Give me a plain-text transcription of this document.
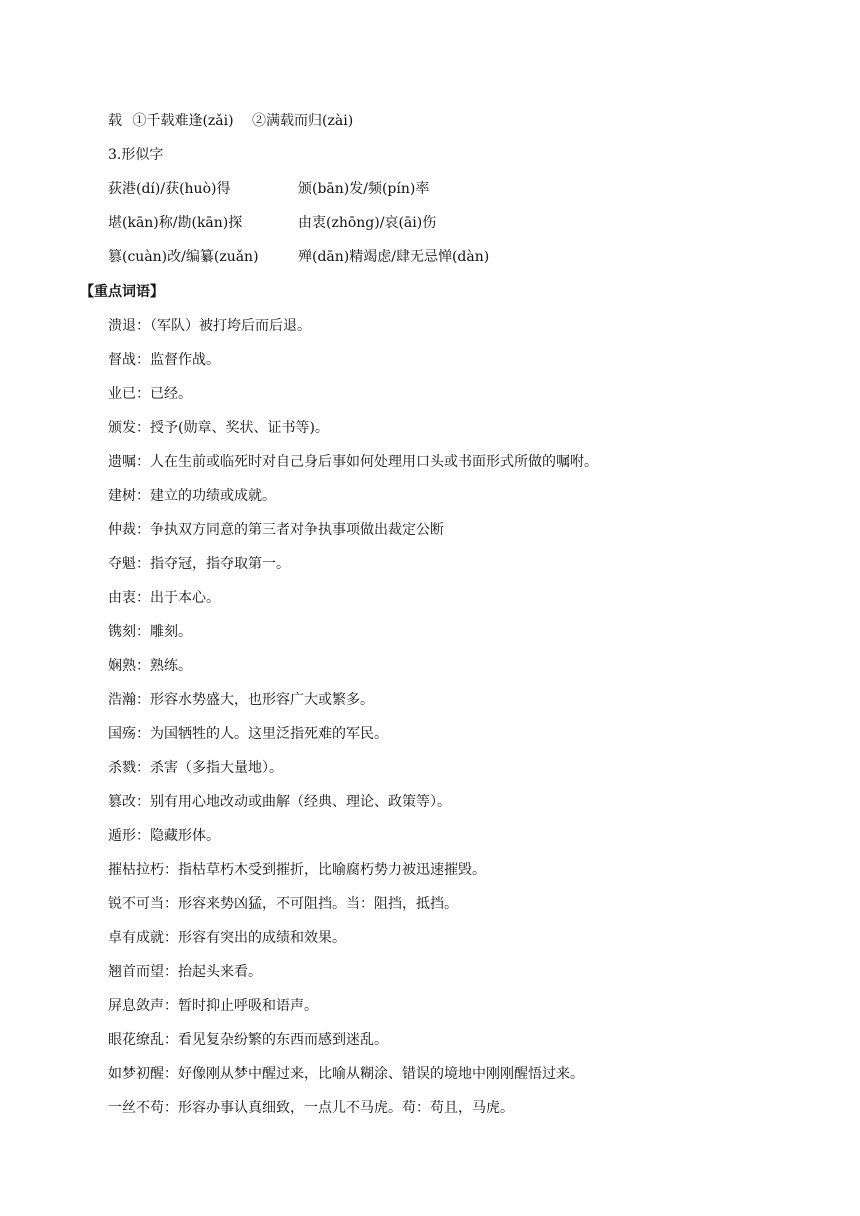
载 ①千载难逢(zǎi) ②满载而归(zài)
3.形似字
荻港(dí)/获(huò)得	颁(bān)发/频(pín)率
堪(kān)称/勘(kān)探	由衷(zhōng)/哀(āi)伤
篡(cuàn)改/编纂(zuǎn)	殚(dān)精竭虑/肆无忌惮(dàn)
【重点词语】
溃退：（军队）被打垮后而后退。
督战：监督作战。
业已：已经。
颁发：授予(勋章、奖状、证书等)。
遗嘱：人在生前或临死时对自己身后事如何处理用口头或书面形式所做的嘱咐。
建树：建立的功绩或成就。
仲裁：争执双方同意的第三者对争执事项做出裁定公断
夺魁：指夺冠，指夺取第一。
由衷：出于本心。
镌刻：雕刻。
娴熟：熟练。
浩瀚：形容水势盛大，也形容广大或繁多。
国殇：为国牺牲的人。这里泛指死难的军民。
杀戮：杀害（多指大量地）。
篡改：别有用心地改动或曲解（经典、理论、政策等）。
遁形：隐藏形体。
摧枯拉朽：指枯草朽木受到摧折，比喻腐朽势力被迅速摧毁。
锐不可当：形容来势凶猛，不可阻挡。当：阻挡，抵挡。
卓有成就：形容有突出的成绩和效果。
翘首而望：抬起头来看。
屏息敛声：暂时抑止呼吸和语声。
眼花缭乱：看见复杂纷繁的东西而感到迷乱。
如梦初醒：好像刚从梦中醒过来，比喻从糊涂、错误的境地中刚刚醒悟过来。
一丝不苟：形容办事认真细致，一点儿不马虎。苟：苟且，马虎。
